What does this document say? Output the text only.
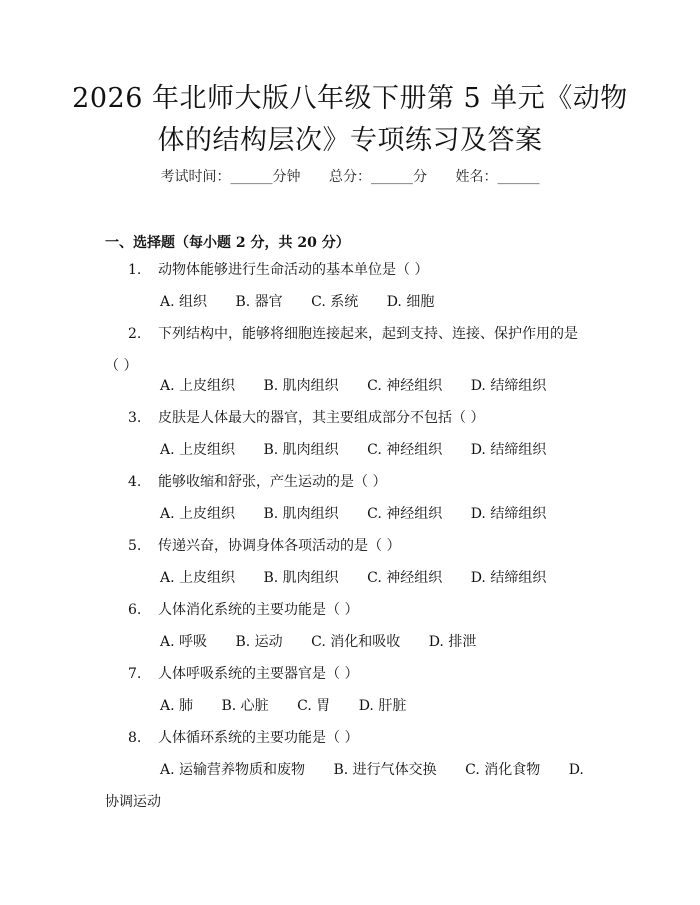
2026 年北师大版八年级下册第 5 单元《动物
体的结构层次》专项练习及答案
考试时间：______分钟 总分：______分 姓名：______
一、选择题（每小题 2 分，共 20 分）
1. 动物体能够进行生命活动的基本单位是（ ）
A. 组织 B. 器官 C. 系统 D. 细胞
2. 下列结构中，能够将细胞连接起来，起到支持、连接、保护作用的是（ ）
A. 上皮组织 B. 肌肉组织 C. 神经组织 D. 结缔组织
3. 皮肤是人体最大的器官，其主要组成部分不包括（ ）
A. 上皮组织 B. 肌肉组织 C. 神经组织 D. 结缔组织
4. 能够收缩和舒张，产生运动的是（ ）
A. 上皮组织 B. 肌肉组织 C. 神经组织 D. 结缔组织
5. 传递兴奋，协调身体各项活动的是（ ）
A. 上皮组织 B. 肌肉组织 C. 神经组织 D. 结缔组织
6. 人体消化系统的主要功能是（ ）
A. 呼吸 B. 运动 C. 消化和吸收 D. 排泄
7. 人体呼吸系统的主要器官是（ ）
A. 肺 B. 心脏 C. 胃 D. 肝脏
8. 人体循环系统的主要功能是（ ）
A. 运输营养物质和废物 B. 进行气体交换 C. 消化食物 D. 协调运动
